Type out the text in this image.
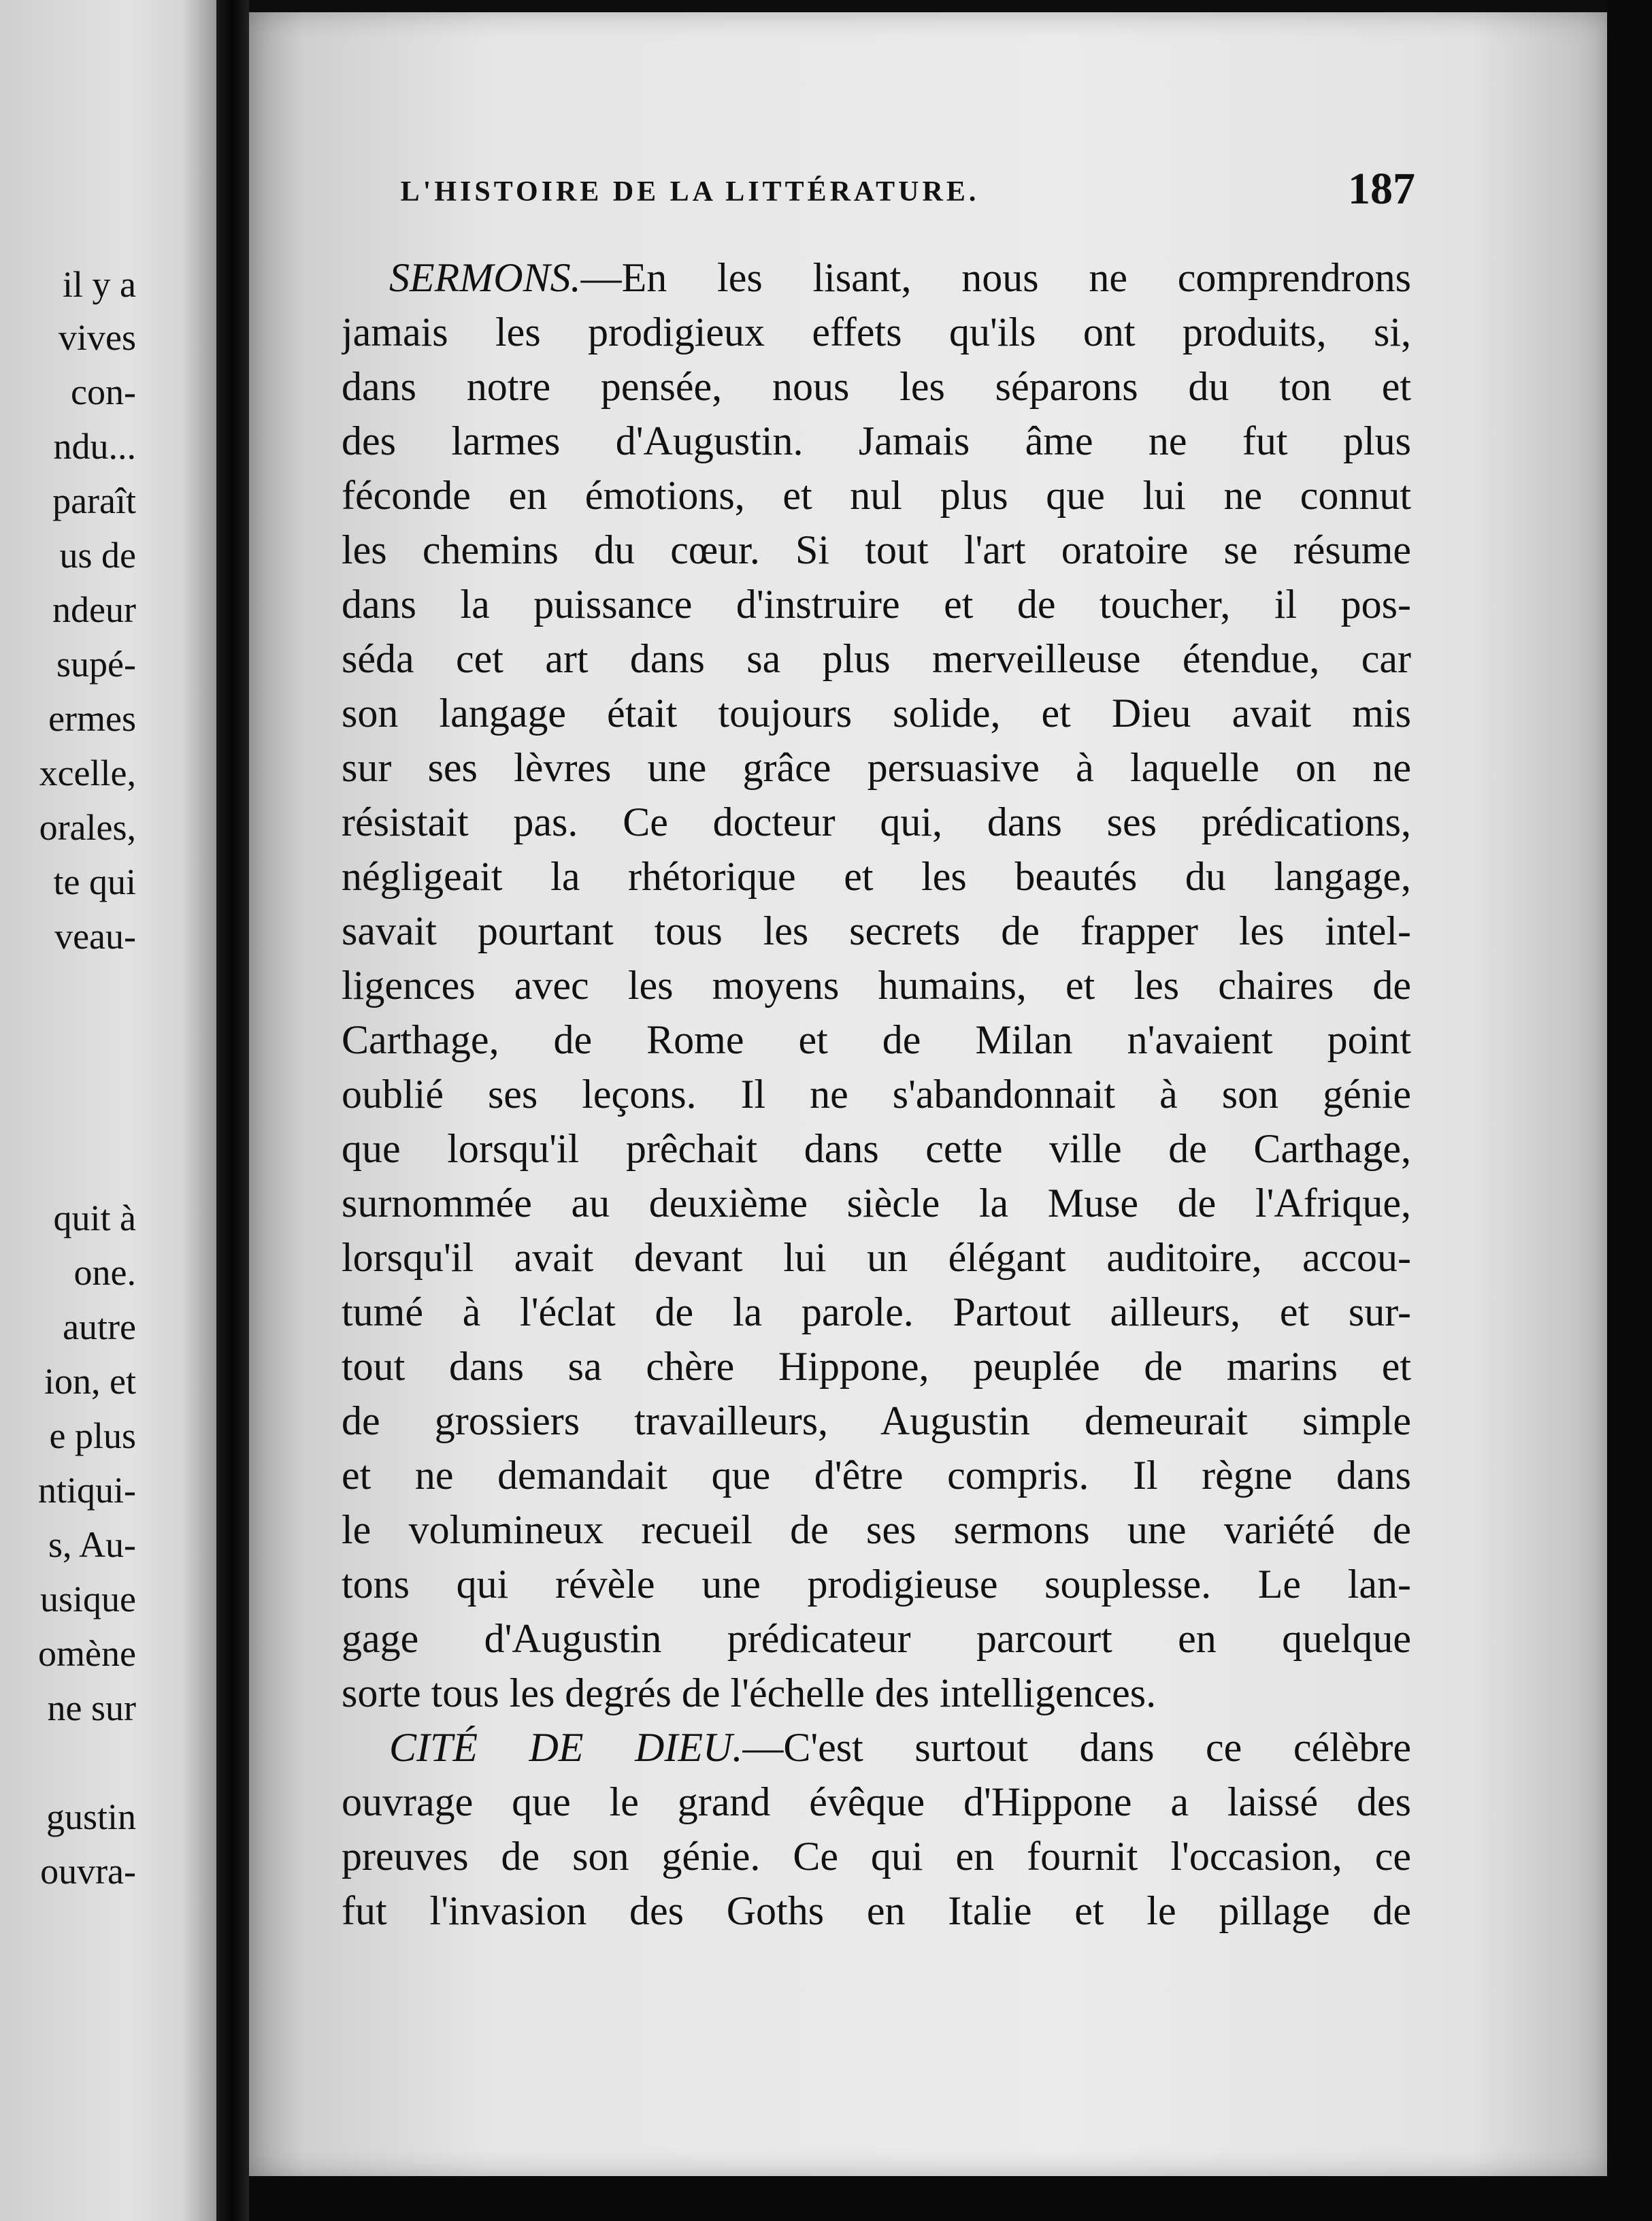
il y a
vives
con-
ndu...
paraît
us de
ndeur
supé-
ermes
xcelle,
orales,
te qui
veau-
quit à
one.
autre
ion, et
e plus
ntiqui-
s, Au-
usique
omène
ne sur
gustin
ouvra-
L'HISTOIRE DE LA LITTÉRATURE.	187
SERMONS.—En les lisant, nous ne comprendrons
jamais les prodigieux effets qu'ils ont produits, si,
dans notre pensée, nous les séparons du ton et
des larmes d'Augustin. Jamais âme ne fut plus
féconde en émotions, et nul plus que lui ne connut
les chemins du cœur. Si tout l'art oratoire se résume
dans la puissance d'instruire et de toucher, il pos-
séda cet art dans sa plus merveilleuse étendue, car
son langage était toujours solide, et Dieu avait mis
sur ses lèvres une grâce persuasive à laquelle on ne
résistait pas. Ce docteur qui, dans ses prédications,
négligeait la rhétorique et les beautés du langage,
savait pourtant tous les secrets de frapper les intel-
ligences avec les moyens humains, et les chaires de
Carthage, de Rome et de Milan n'avaient point
oublié ses leçons. Il ne s'abandonnait à son génie
que lorsqu'il prêchait dans cette ville de Carthage,
surnommée au deuxième siècle la Muse de l'Afrique,
lorsqu'il avait devant lui un élégant auditoire, accou-
tumé à l'éclat de la parole. Partout ailleurs, et sur-
tout dans sa chère Hippone, peuplée de marins et
de grossiers travailleurs, Augustin demeurait simple
et ne demandait que d'être compris. Il règne dans
le volumineux recueil de ses sermons une variété de
tons qui révèle une prodigieuse souplesse. Le lan-
gage d'Augustin prédicateur parcourt en quelque
sorte tous les degrés de l'échelle des intelligences.
CITÉ DE DIEU.—C'est surtout dans ce célèbre
ouvrage que le grand évêque d'Hippone a laissé des
preuves de son génie. Ce qui en fournit l'occasion, ce
fut l'invasion des Goths en Italie et le pillage de
